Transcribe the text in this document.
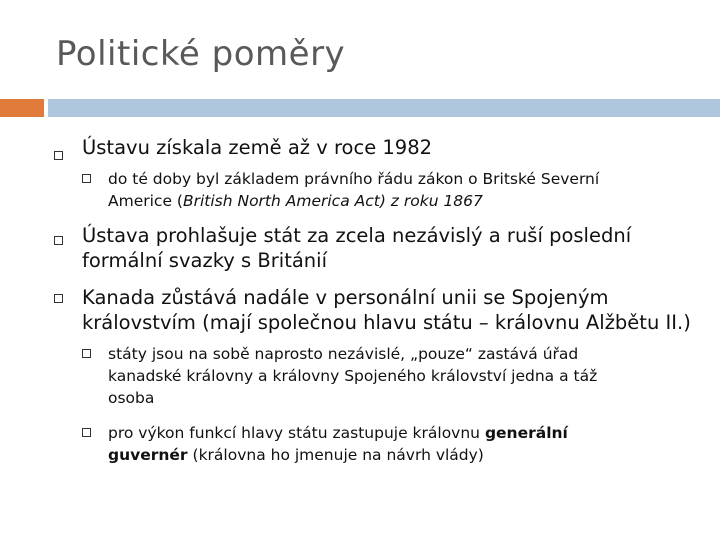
Politické poměry
Ústavu získala země až v roce 1982
do té doby byl základem právního řádu zákon o Britské Severní
Americe (British North America Act) z roku 1867
Ústava prohlašuje stát za zcela nezávislý a ruší poslední
formální svazky s Británií
Kanada zůstává nadále v personální unii se Spojeným
královstvím (mají společnou hlavu státu – královnu Alžbětu II.)
státy jsou na sobě naprosto nezávislé, „pouze“ zastává úřad
kanadské královny a královny Spojeného království jedna a táž
osoba
pro výkon funkcí hlavy státu zastupuje královnu generální
guvernér (královna ho jmenuje na návrh vlády)
